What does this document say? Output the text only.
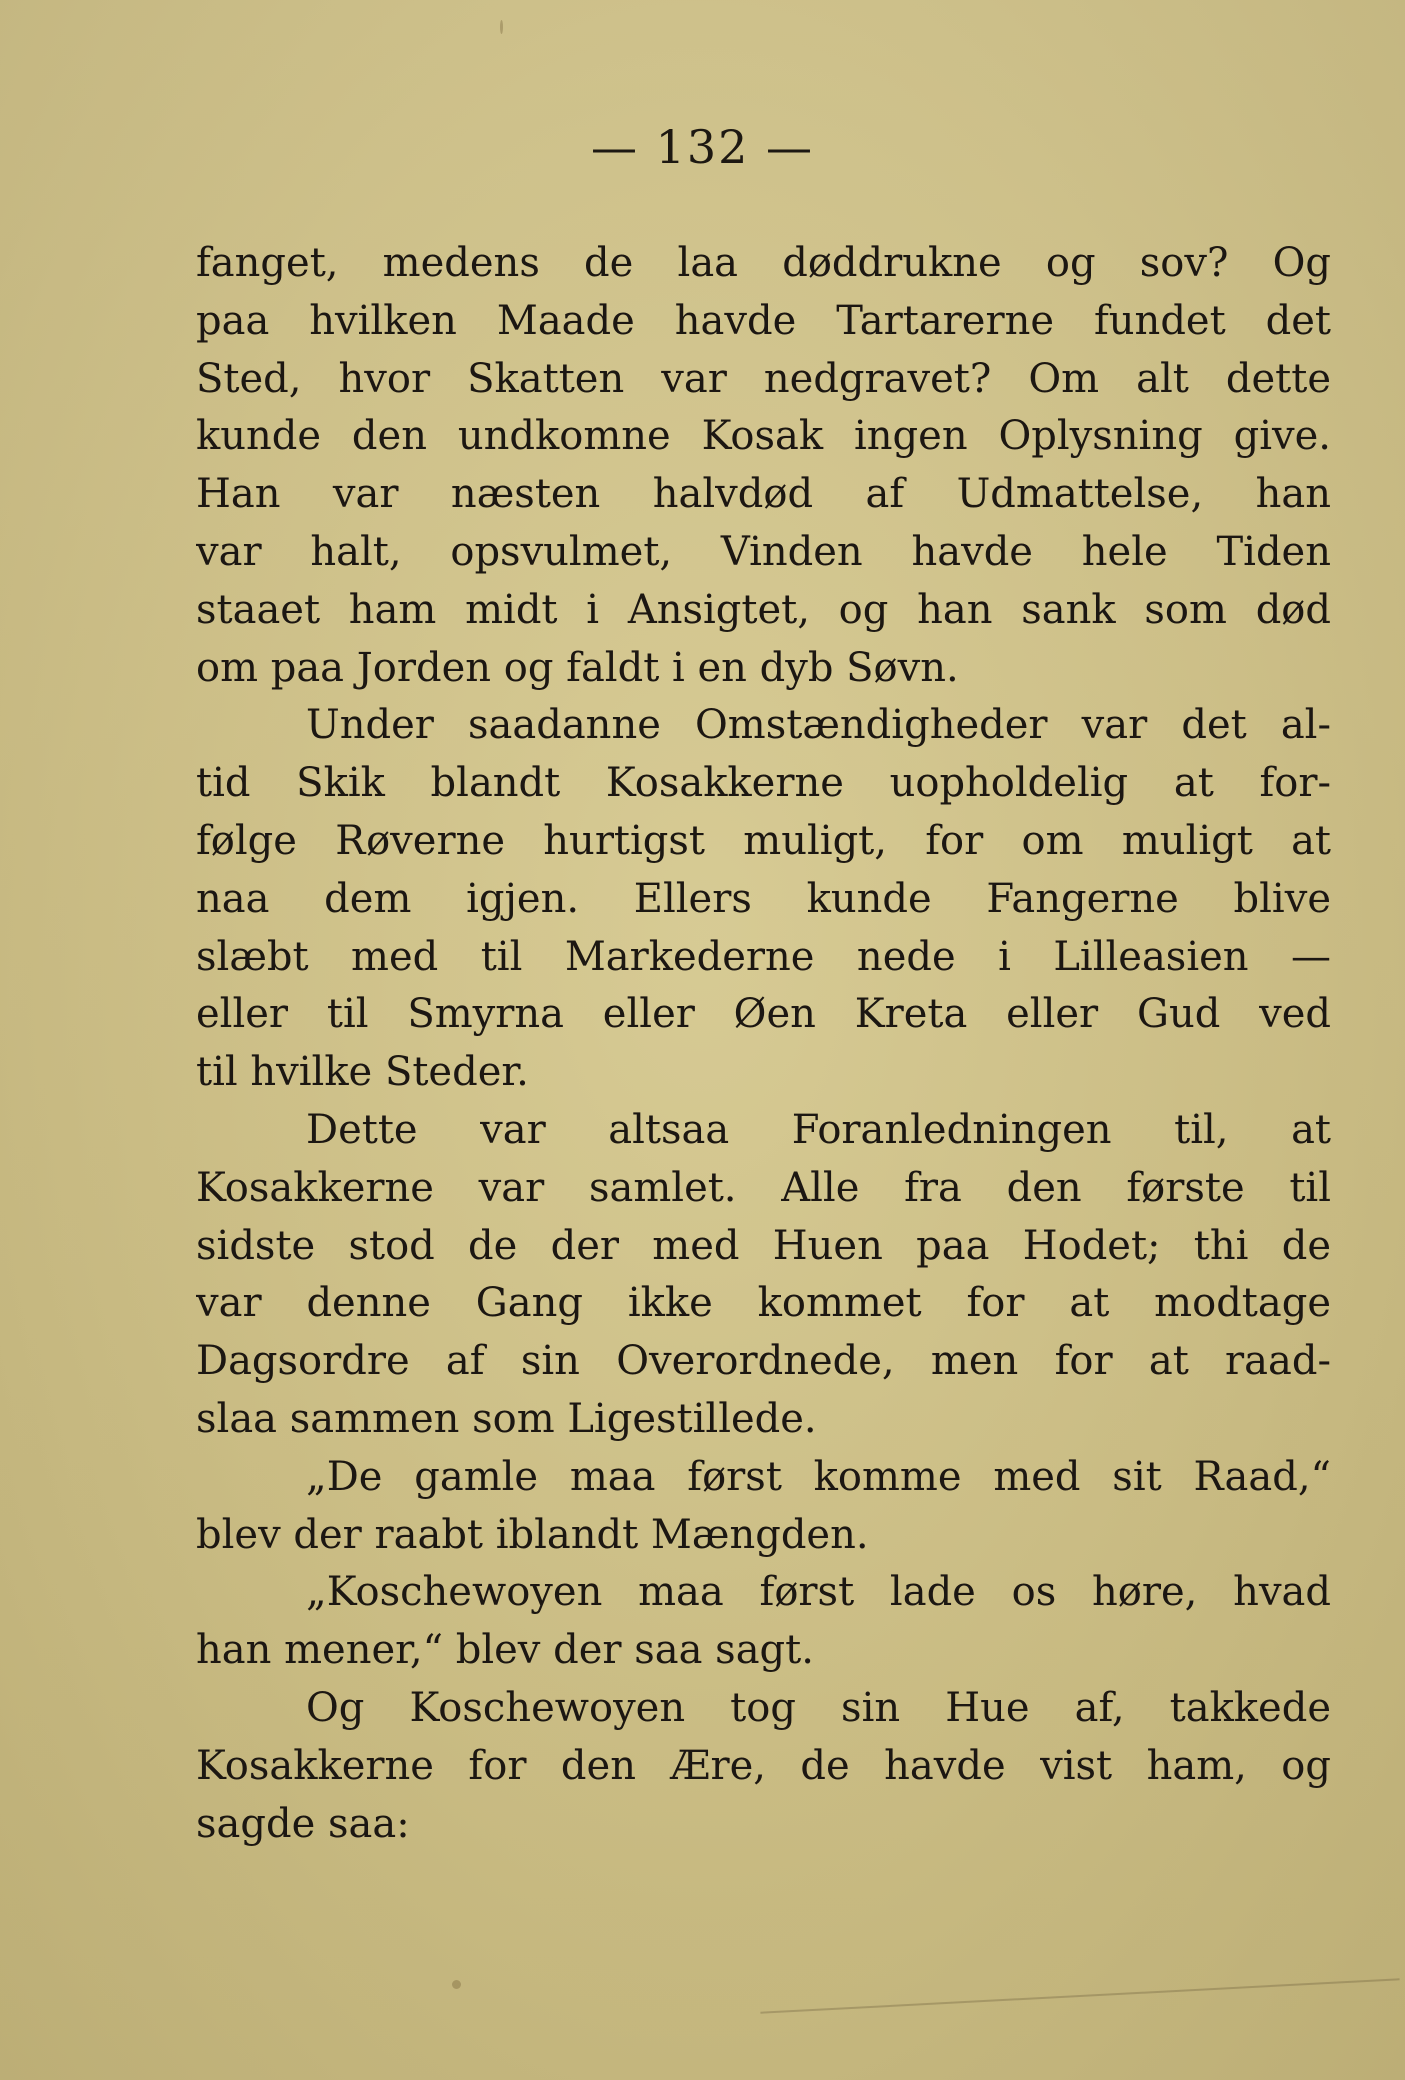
— 132 —
fanget, medens de laa døddrukne og sov? Og
paa hvilken Maade havde Tartarerne fundet det
Sted, hvor Skatten var nedgravet? Om alt dette
kunde den undkomne Kosak ingen Oplysning give.
Han var næsten halvdød af Udmattelse, han
var halt, opsvulmet, Vinden havde hele Tiden
staaet ham midt i Ansigtet, og han sank som død
om paa Jorden og faldt i en dyb Søvn.
Under saadanne Omstændigheder var det al-
tid Skik blandt Kosakkerne uopholdelig at for-
følge Røverne hurtigst muligt, for om muligt at
naa dem igjen. Ellers kunde Fangerne blive
slæbt med til Markederne nede i Lilleasien —
eller til Smyrna eller Øen Kreta eller Gud ved
til hvilke Steder.
Dette var altsaa Foranledningen til, at
Kosakkerne var samlet. Alle fra den første til
sidste stod de der med Huen paa Hodet; thi de
var denne Gang ikke kommet for at modtage
Dagsordre af sin Overordnede, men for at raad-
slaa sammen som Ligestillede.
„De gamle maa først komme med sit Raad,“
blev der raabt iblandt Mængden.
„Koschewoyen maa først lade os høre, hvad
han mener,“ blev der saa sagt.
Og Koschewoyen tog sin Hue af, takkede
Kosakkerne for den Ære, de havde vist ham, og
sagde saa:
